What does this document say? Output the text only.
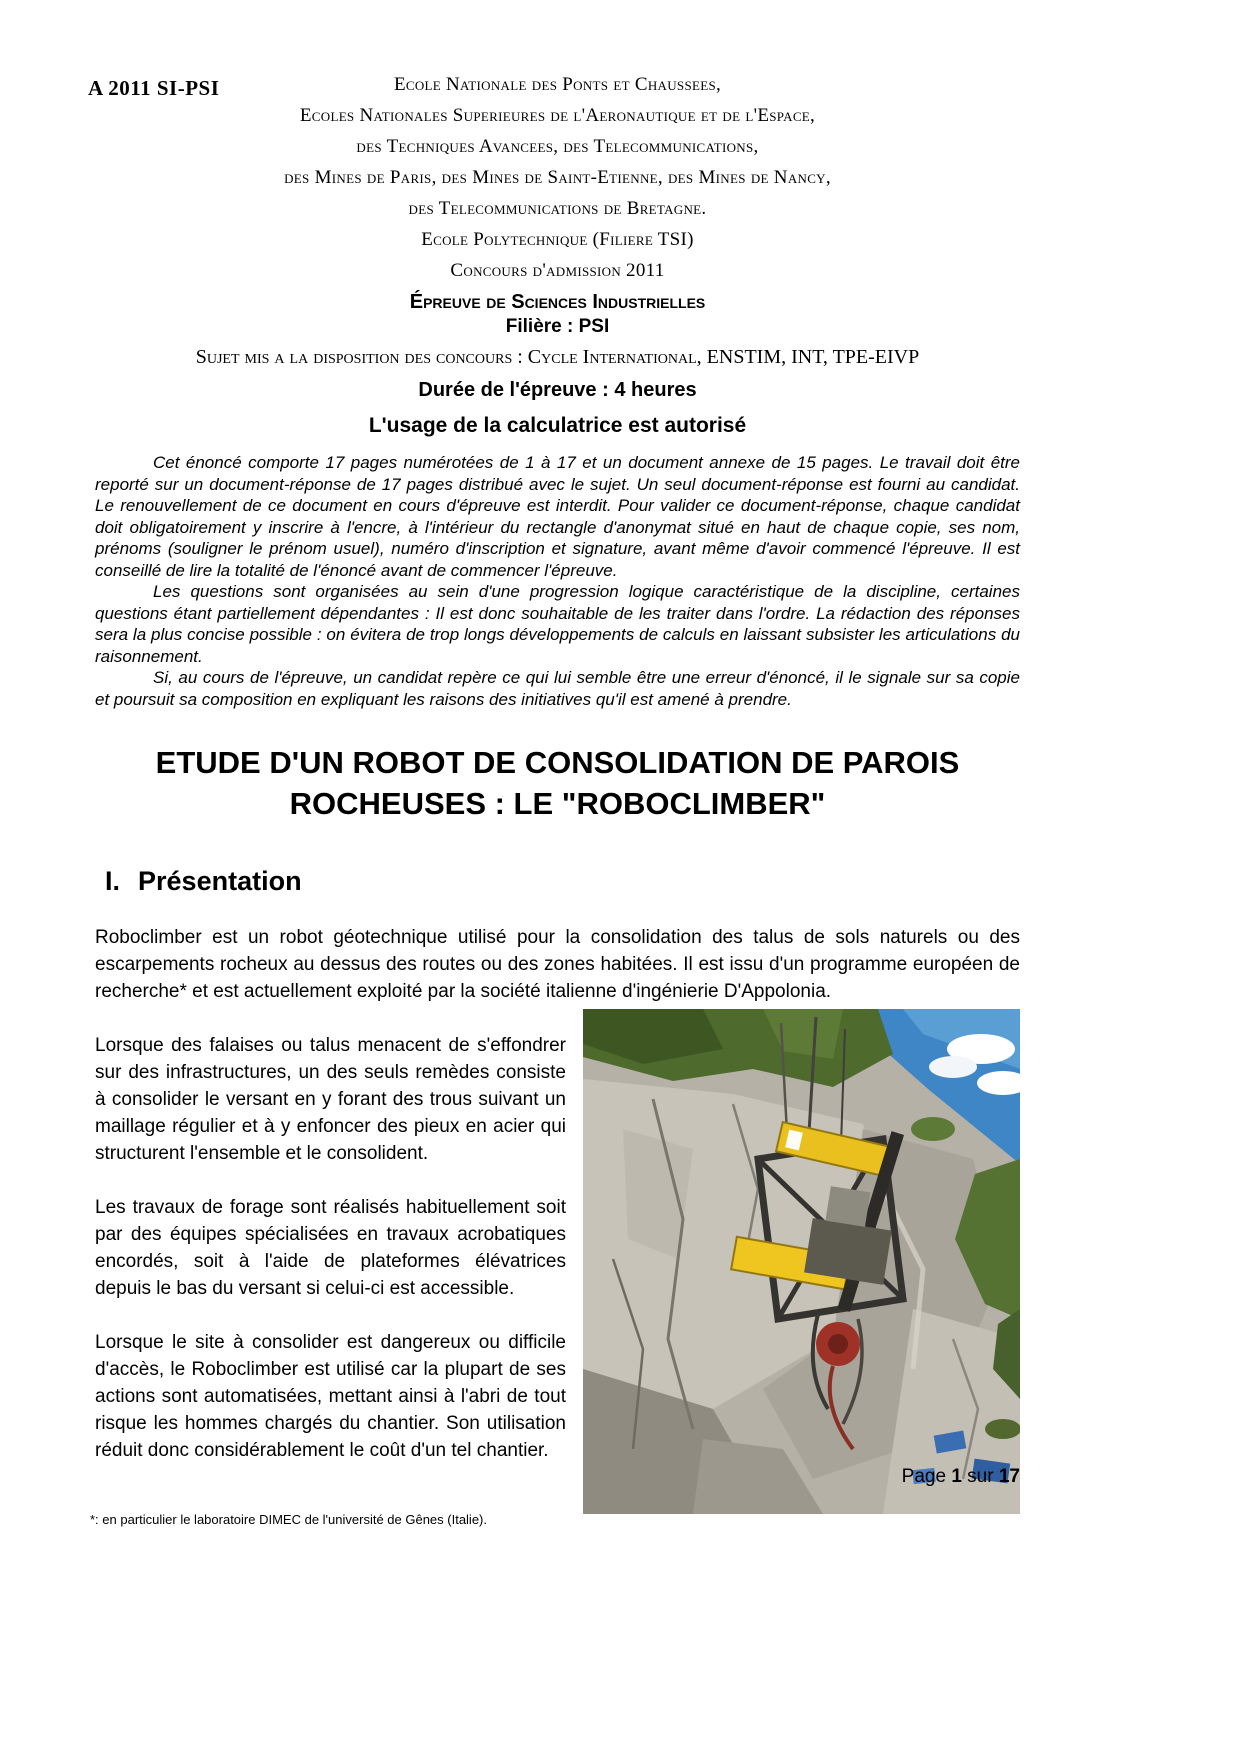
A 2011 SI-PSI	Ecole Nationale des Ponts et Chaussees,
Ecoles Nationales Superieures de l'Aeronautique et de l'Espace,
des Techniques Avancees, des Telecommunications,
des Mines de Paris, des Mines de Saint-Etienne, des Mines de Nancy,
des Telecommunications de Bretagne.
Ecole Polytechnique (Filiere TSI)
Concours d'admission 2011
Épreuve de Sciences Industrielles
Filière : PSI
Sujet mis a la disposition des concours : Cycle International, ENSTIM, INT, TPE-EIVP
Durée de l'épreuve : 4 heures
L'usage de la calculatrice est autorisé

Cet énoncé comporte 17 pages numérotées de 1 à 17 et un document annexe de 15 pages. Le travail doit être reporté sur un document-réponse de 17 pages distribué avec le sujet. Un seul document-réponse est fourni au candidat. Le renouvellement de ce document en cours d'épreuve est interdit. Pour valider ce document-réponse, chaque candidat doit obligatoirement y inscrire à l'encre, à l'intérieur du rectangle d'anonymat situé en haut de chaque copie, ses nom, prénoms (souligner le prénom usuel), numéro d'inscription et signature, avant même d'avoir commencé l'épreuve. Il est conseillé de lire la totalité de l'énoncé avant de commencer l'épreuve.

Les questions sont organisées au sein d'une progression logique caractéristique de la discipline, certaines questions étant partiellement dépendantes : Il est donc souhaitable de les traiter dans l'ordre. La rédaction des réponses sera la plus concise possible : on évitera de trop longs développements de calculs en laissant subsister les articulations du raisonnement.

Si, au cours de l'épreuve, un candidat repère ce qui lui semble être une erreur d'énoncé, il le signale sur sa copie et poursuit sa composition en expliquant les raisons des initiatives qu'il est amené à prendre.

ETUDE D'UN ROBOT DE CONSOLIDATION DE PAROIS
ROCHEUSES : LE "ROBOCLIMBER"
I. Présentation

Roboclimber est un robot géotechnique utilisé pour la consolidation des talus de sols naturels ou des escarpements rocheux au dessus des routes ou des zones habitées. Il est issu d'un programme européen de recherche* et est actuellement exploité par la société italienne d'ingénierie D'Appolonia.

Lorsque des falaises ou talus menacent de s'effondrer sur des infrastructures, un des seuls remèdes consiste à consolider le versant en y forant des trous suivant un maillage régulier et à y enfoncer des pieux en acier qui structurent l'ensemble et le consolident.

Les travaux de forage sont réalisés habituellement soit par des équipes spécialisées en travaux acrobatiques encordés, soit à l'aide de plateformes élévatrices depuis le bas du versant si celui-ci est accessible.

Lorsque le site à consolider est dangereux ou difficile d'accès, le Roboclimber est utilisé car la plupart de ses actions sont automatisées, mettant ainsi à l'abri de tout risque les hommes chargés du chantier. Son utilisation réduit donc considérablement le coût d'un tel chantier.

Page 1 sur 17
*: en particulier le laboratoire DIMEC de l'université de Gênes (Italie).
